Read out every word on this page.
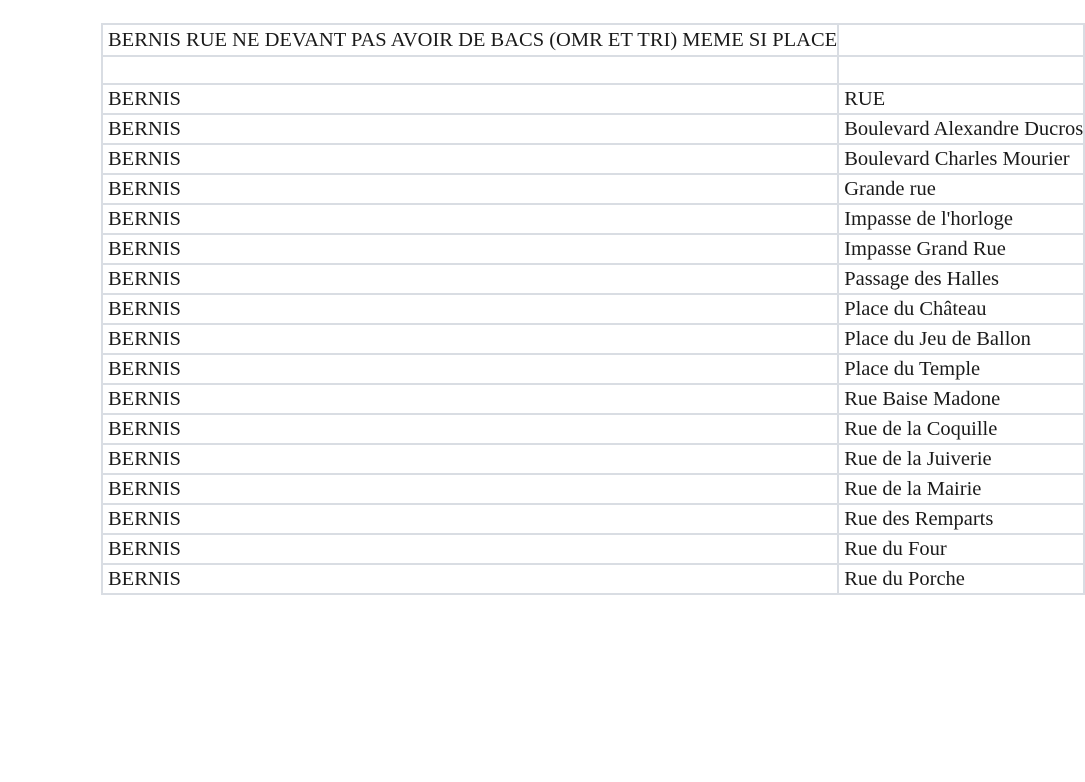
BERNIS RUE NE DEVANT PAS AVOIR DE BACS (OMR ET TRI) MEME SI PLACE	

BERNIS	RUE
BERNIS	Boulevard Alexandre Ducros
BERNIS	Boulevard Charles Mourier
BERNIS	Grande rue
BERNIS	Impasse de l'horloge
BERNIS	Impasse Grand Rue
BERNIS	Passage des Halles
BERNIS	Place du Château
BERNIS	Place du Jeu de Ballon
BERNIS	Place du Temple
BERNIS	Rue Baise Madone
BERNIS	Rue de la Coquille
BERNIS	Rue de la Juiverie
BERNIS	Rue de la Mairie
BERNIS	Rue des Remparts
BERNIS	Rue du Four
BERNIS	Rue du Porche
